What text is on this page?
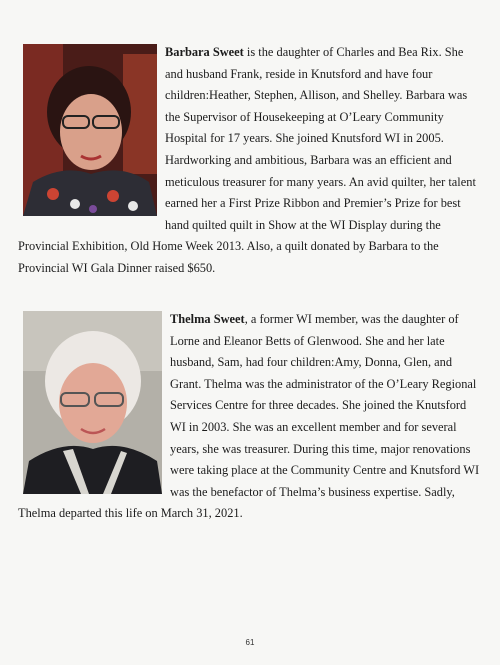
Barbara Sweet is the daughter of Charles and Bea Rix. She and husband Frank, reside in Knutsford and have four children:Heather, Stephen, Allison, and Shelley. Barbara was the Supervisor of Housekeeping at O’Leary Community Hospital for 17 years. She joined Knutsford WI in 2005. Hardworking and ambitious, Barbara was an efficient and meticulous treasurer for many years. An avid quilter, her talent earned her a First Prize Ribbon and Premier’s Prize for best hand quilted quilt in Show at the WI Display during the Provincial Exhibition, Old Home Week 2013. Also, a quilt donated by Barbara to the Provincial WI Gala Dinner raised $650.

Thelma Sweet, a former WI member, was the daughter of Lorne and Eleanor Betts of Glenwood. She and her late husband, Sam, had four children:Amy, Donna, Glen, and Grant. Thelma was the administrator of the O’Leary Regional Services Centre for three decades. She joined the Knutsford WI in 2003. She was an excellent member and for several years, she was treasurer. During this time, major renovations were taking place at the Community Centre and Knutsford WI was the benefactor of Thelma’s business expertise. Sadly, Thelma departed this life on March 31, 2021.

61
